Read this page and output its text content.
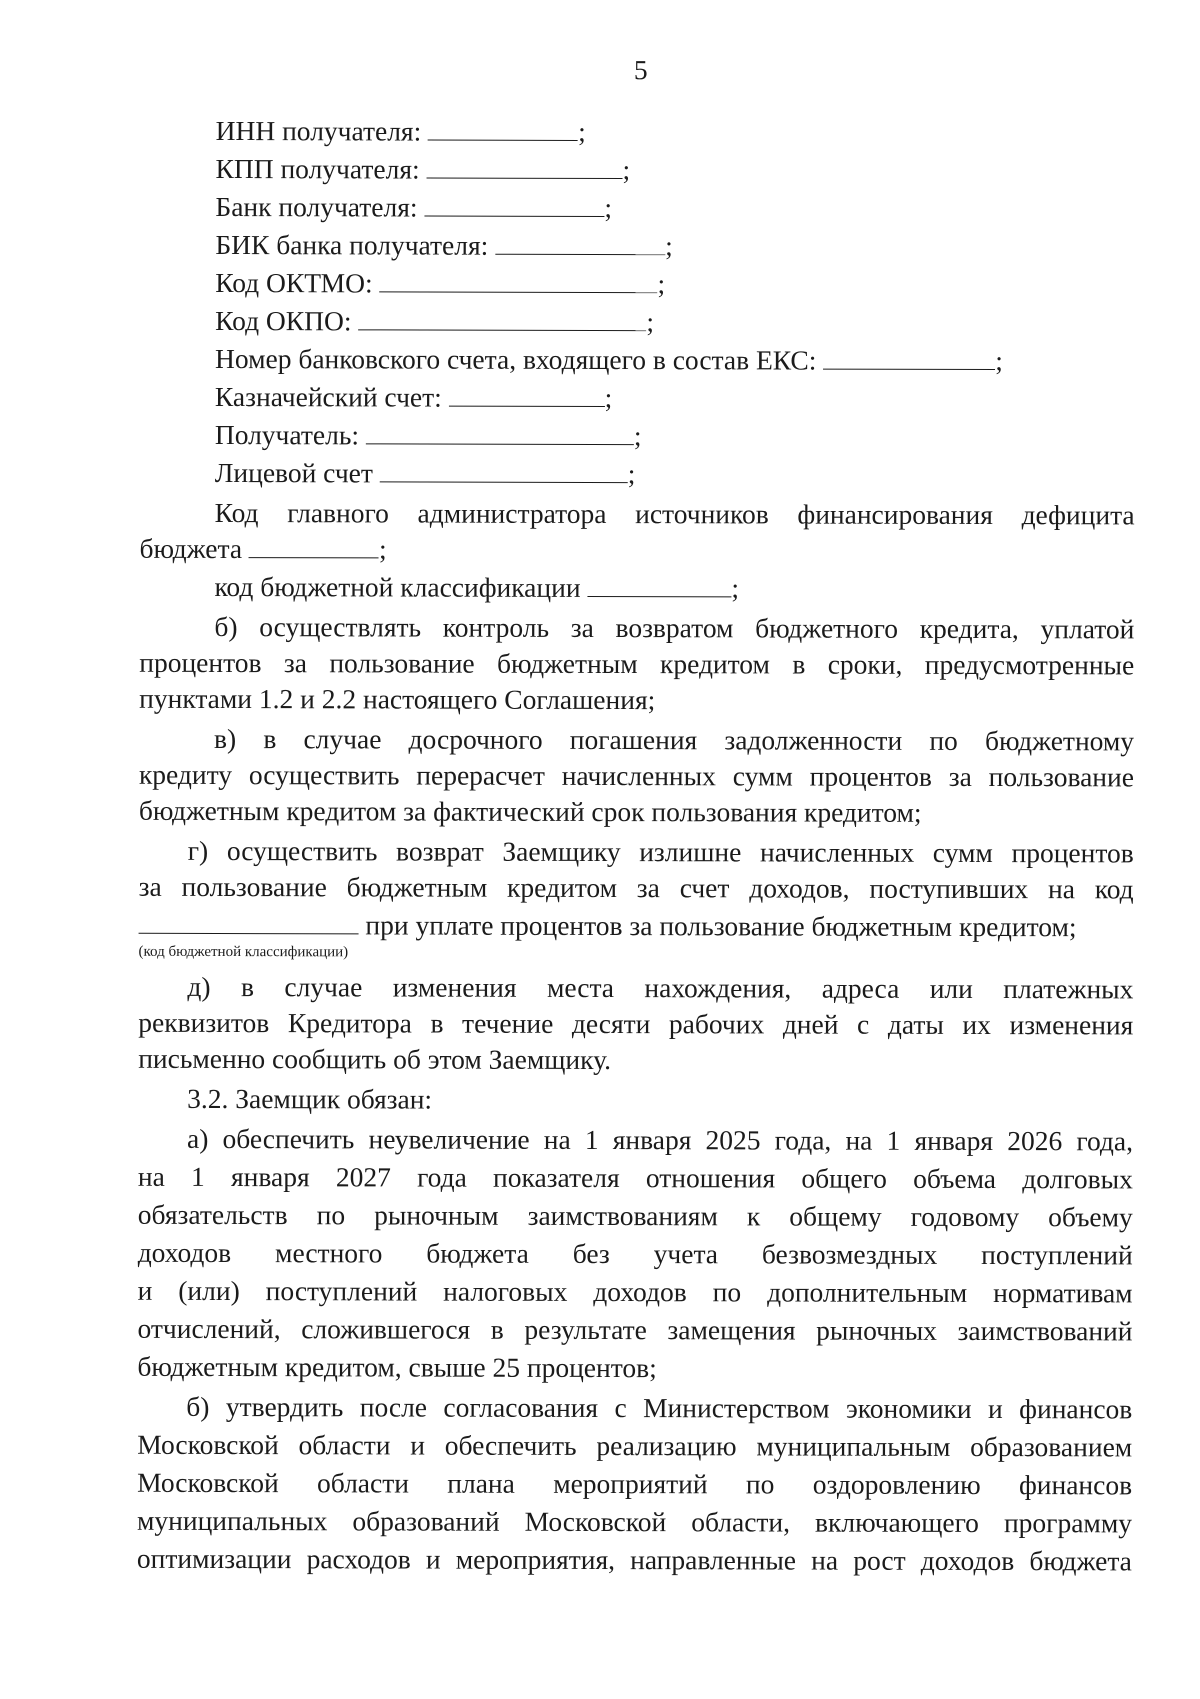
5
ИНН получателя:	;
КПП получателя:	;
Банк получателя:	;
БИК банка получателя:	;
Код ОКТМО:	;
Код ОКПО:	;
Номер банковского счета, входящего в состав ЕКС:	;
Казначейский счет:	;
Получатель:	;
Лицевой счет	;
Код главного администратора источников финансирования дефицита
бюджета	;
код бюджетной классификации	;
б) осуществлять контроль за возвратом бюджетного кредита, уплатой
процентов за пользование бюджетным кредитом в сроки, предусмотренные
пунктами 1.2 и 2.2 настоящего Соглашения;
в) в случае досрочного погашения задолженности по бюджетному
кредиту осуществить перерасчет начисленных сумм процентов за пользование
бюджетным кредитом за фактический срок пользования кредитом;
г) осуществить возврат Заемщику излишне начисленных сумм процентов
за пользование бюджетным кредитом за счет доходов, поступивших на код
при уплате процентов за пользование бюджетным кредитом;
(код бюджетной классификации)
д) в случае изменения места нахождения, адреса или платежных
реквизитов Кредитора в течение десяти рабочих дней с даты их изменения
письменно сообщить об этом Заемщику.
3.2. Заемщик обязан:
а) обеспечить неувеличение на 1 января 2025 года, на 1 января 2026 года,
на 1 января 2027 года показателя отношения общего объема долговых
обязательств по рыночным заимствованиям к общему годовому объему
доходов местного бюджета без учета безвозмездных поступлений
и (или) поступлений налоговых доходов по дополнительным нормативам
отчислений, сложившегося в результате замещения рыночных заимствований
бюджетным кредитом, свыше 25 процентов;
б) утвердить после согласования с Министерством экономики и финансов
Московской области и обеспечить реализацию муниципальным образованием
Московской области плана мероприятий по оздоровлению финансов
муниципальных образований Московской области, включающего программу
оптимизации расходов и мероприятия, направленные на рост доходов бюджета
